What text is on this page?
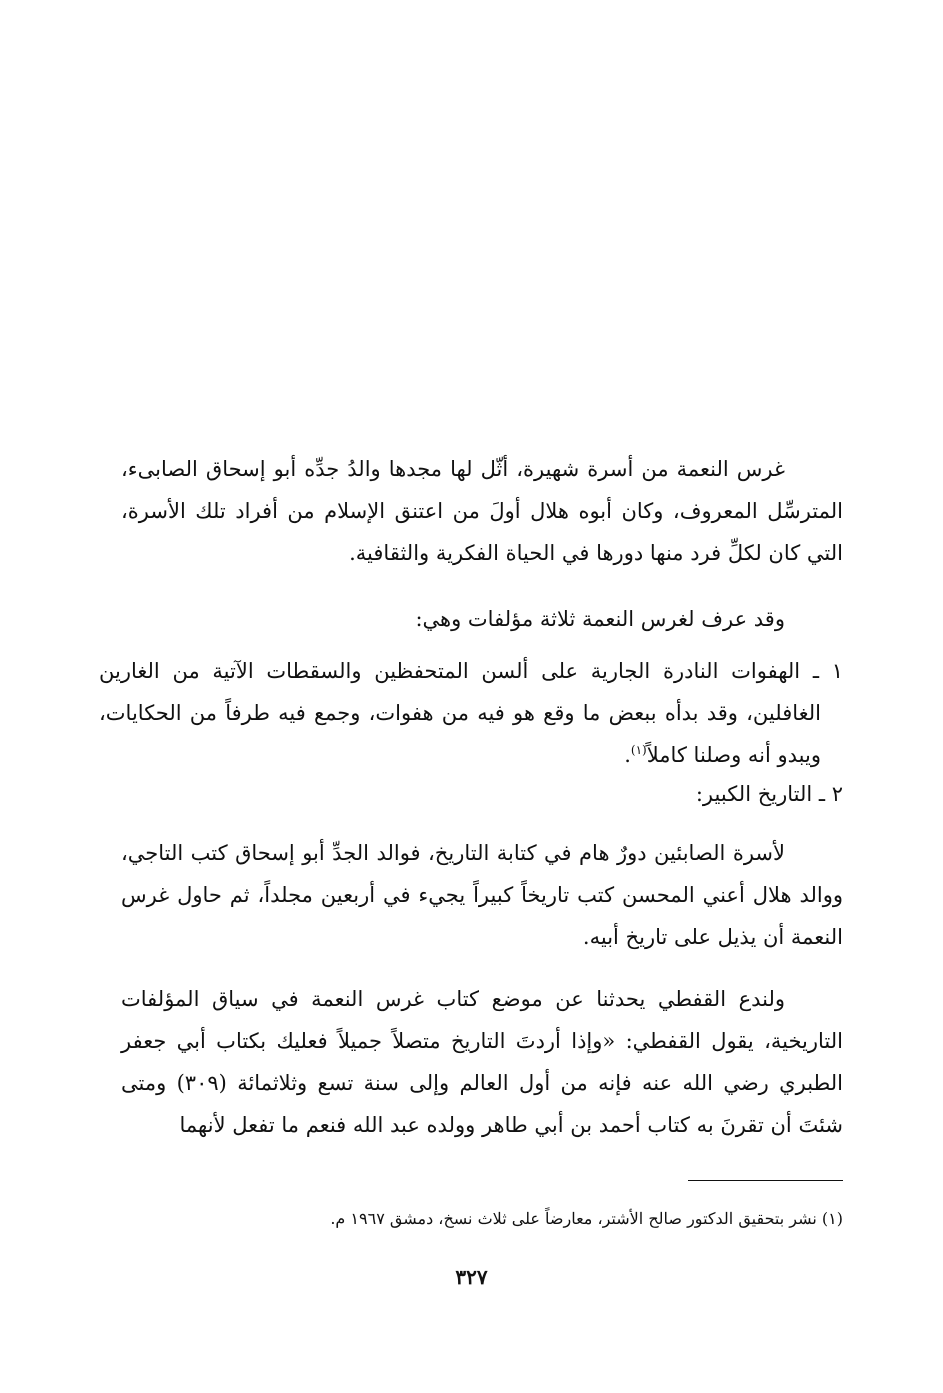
غرس النعمة من أسرة شهيرة، أثّل لها مجدها والدُ جدِّه أبو إسحاق الصابىء، المترسِّل المعروف، وكان أبوه هلال أولَ من اعتنق الإسلام من أفراد تلك الأسرة، التي كان لكلِّ فرد منها دورها في الحياة الفكرية والثقافية.
وقد عرف لغرس النعمة ثلاثة مؤلفات وهي:
١ ـ الهفوات النادرة الجارية على ألسن المتحفظين والسقطات الآتية من الغارين الغافلين، وقد بدأه ببعض ما وقع هو فيه من هفوات، وجمع فيه طرفاً من الحكايات، ويبدو أنه وصلنا كاملاً$^{(١)}$.
٢ ـ التاريخ الكبير:
لأسرة الصابئين دورٌ هام في كتابة التاريخ، فوالد الجدِّ أبو إسحاق كتب التاجي، ووالد هلال أعني المحسن كتب تاريخاً كبيراً يجيء في أربعين مجلداً، ثم حاول غرس النعمة أن يذيل على تاريخ أبيه.
ولندع القفطي يحدثنا عن موضع كتاب غرس النعمة في سياق المؤلفات التاريخية، يقول القفطي: «وإذا أردتَ التاريخ متصلاً جميلاً فعليك بكتاب أبي جعفر الطبري رضي الله عنه فإنه من أول العالم وإلى سنة تسع وثلاثمائة (٣٠٩) ومتى شئتَ أن تقرنَ به كتاب أحمد بن أبي طاهر وولده عبد الله فنعم ما تفعل لأنهما
(١) نشر بتحقيق الدكتور صالح الأشتر، معارضاً على ثلاث نسخ، دمشق ١٩٦٧ م.
٣٢٧
